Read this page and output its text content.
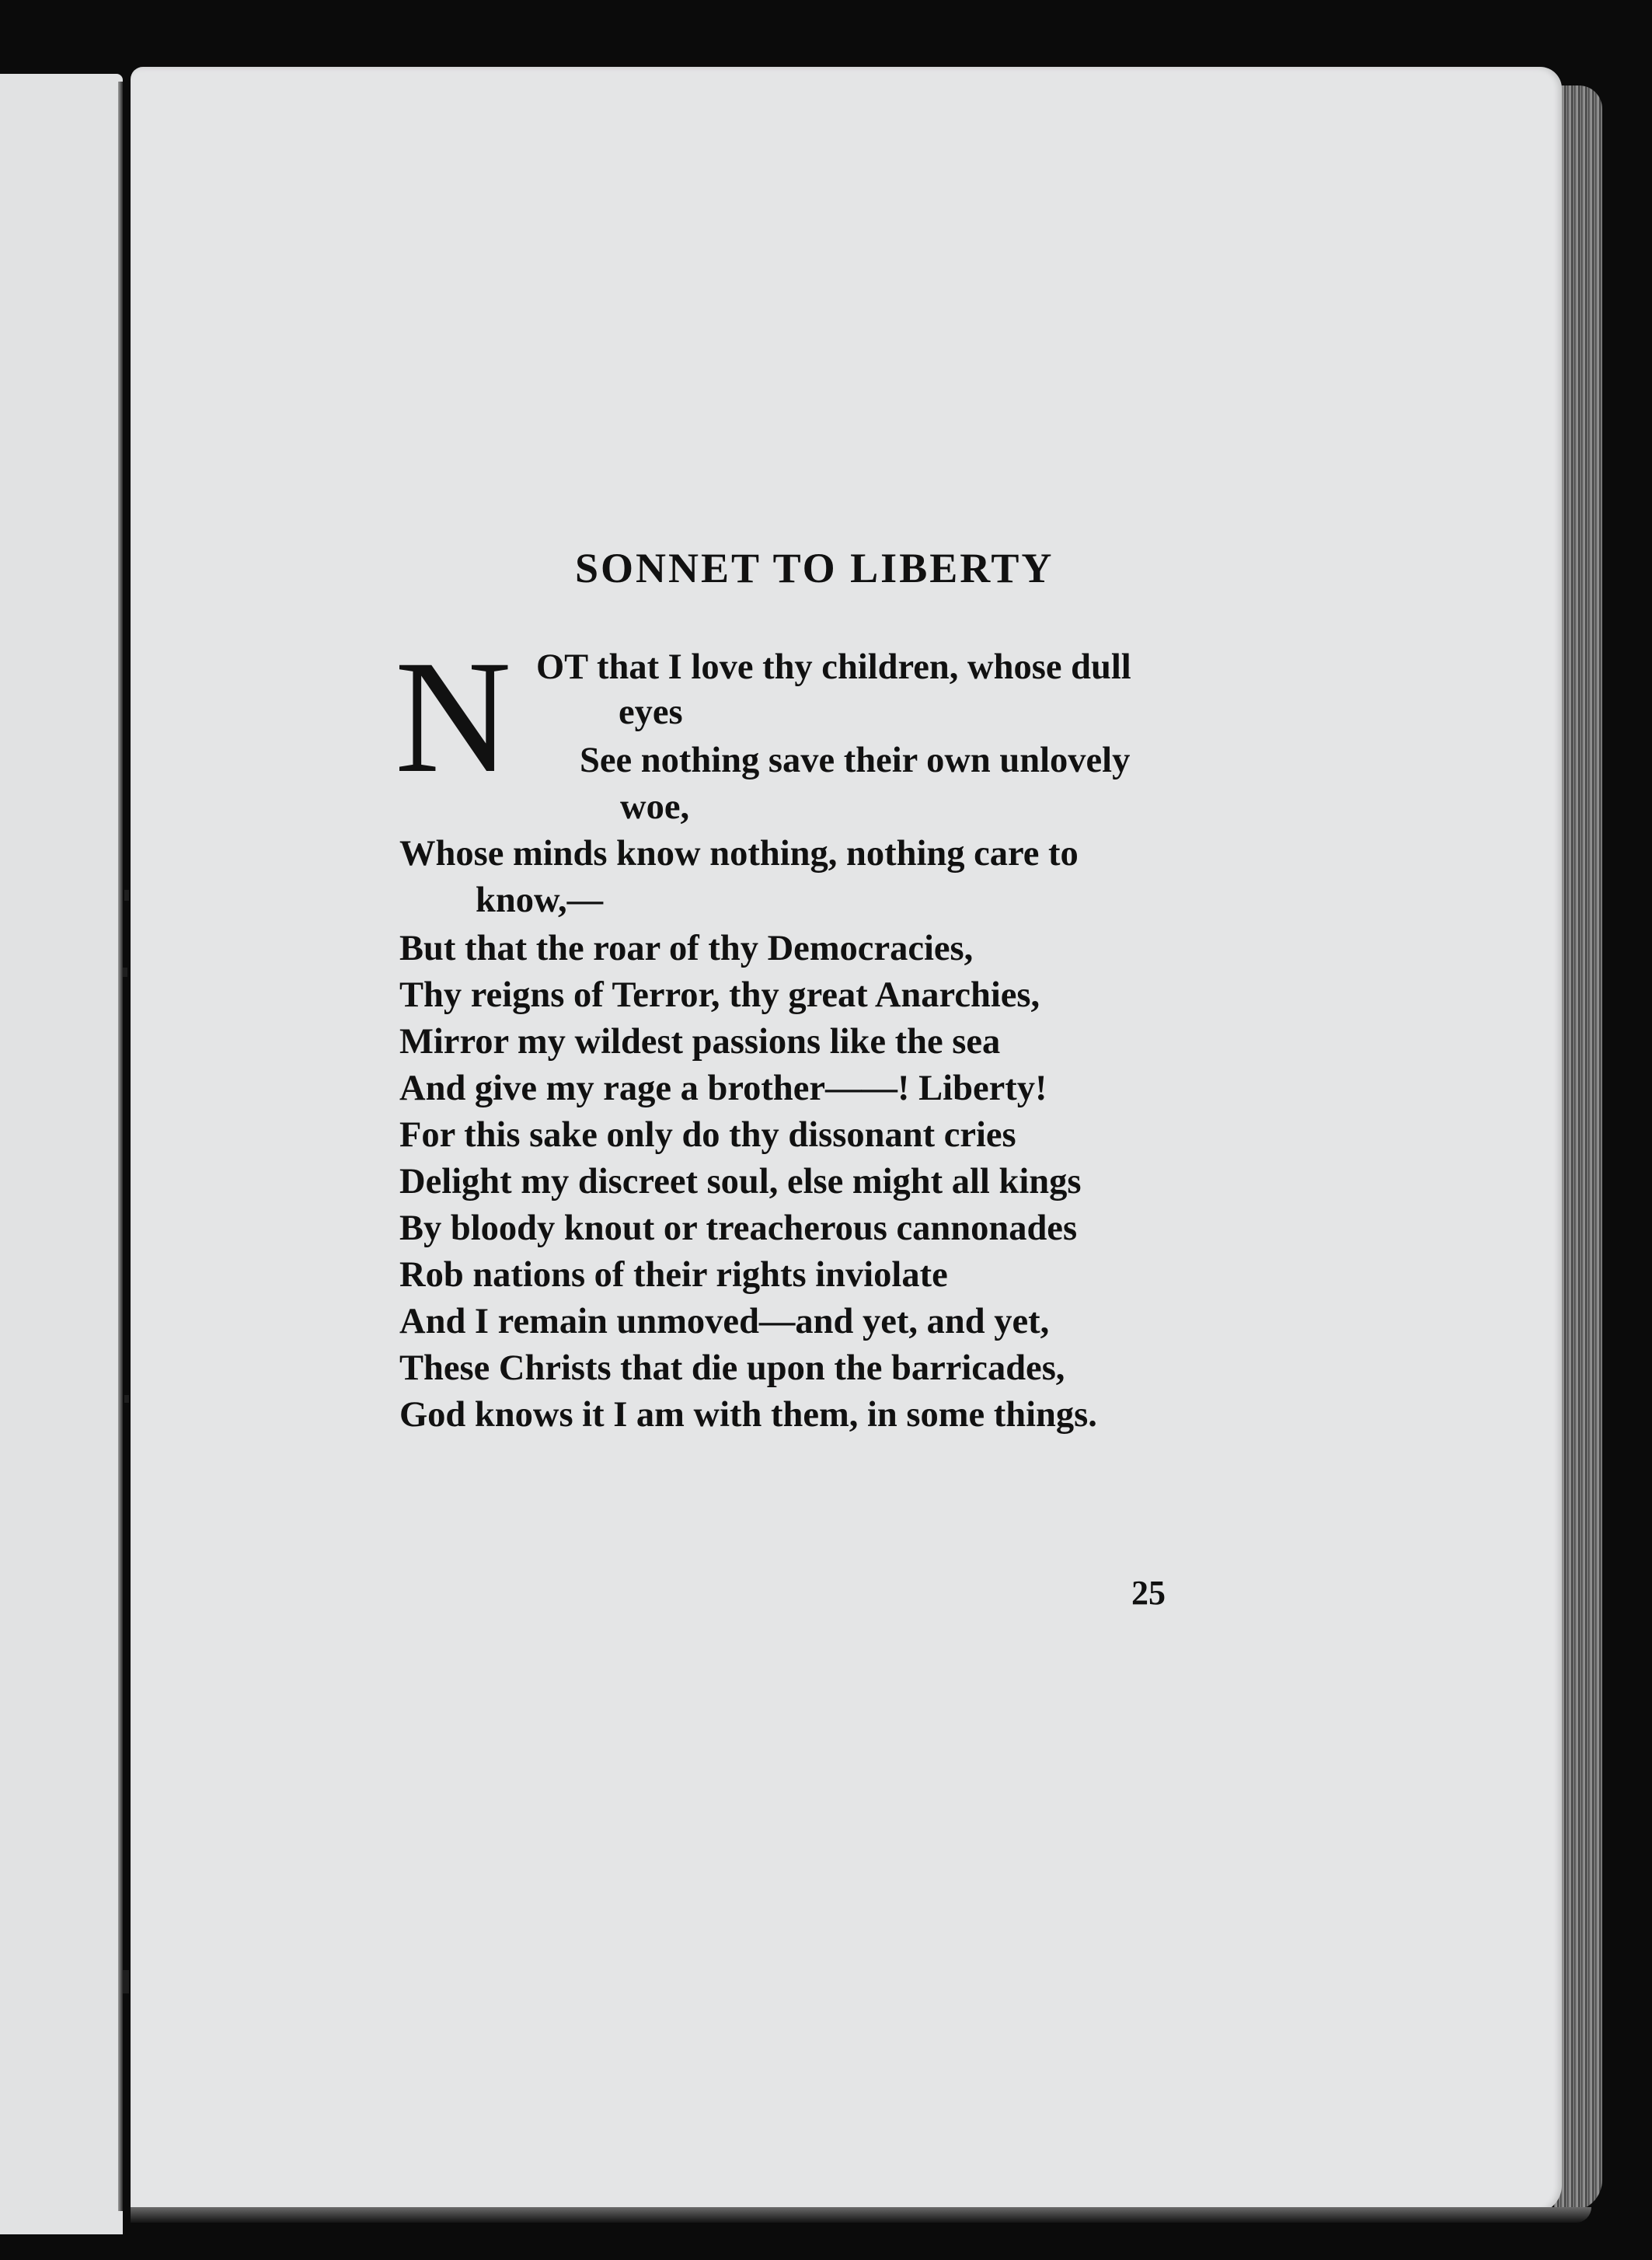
SONNET TO LIBERTY
N OT that I love thy children, whose dull
eyes
See nothing save their own unlovely
woe,
Whose minds know nothing, nothing care to
know,—
But that the roar of thy Democracies,
Thy reigns of Terror, thy great Anarchies,
Mirror my wildest passions like the sea
And give my rage a brother——! Liberty!
For this sake only do thy dissonant cries
Delight my discreet soul, else might all kings
By bloody knout or treacherous cannonades
Rob nations of their rights inviolate
And I remain unmoved—and yet, and yet,
These Christs that die upon the barricades,
God knows it I am with them, in some things.
25
